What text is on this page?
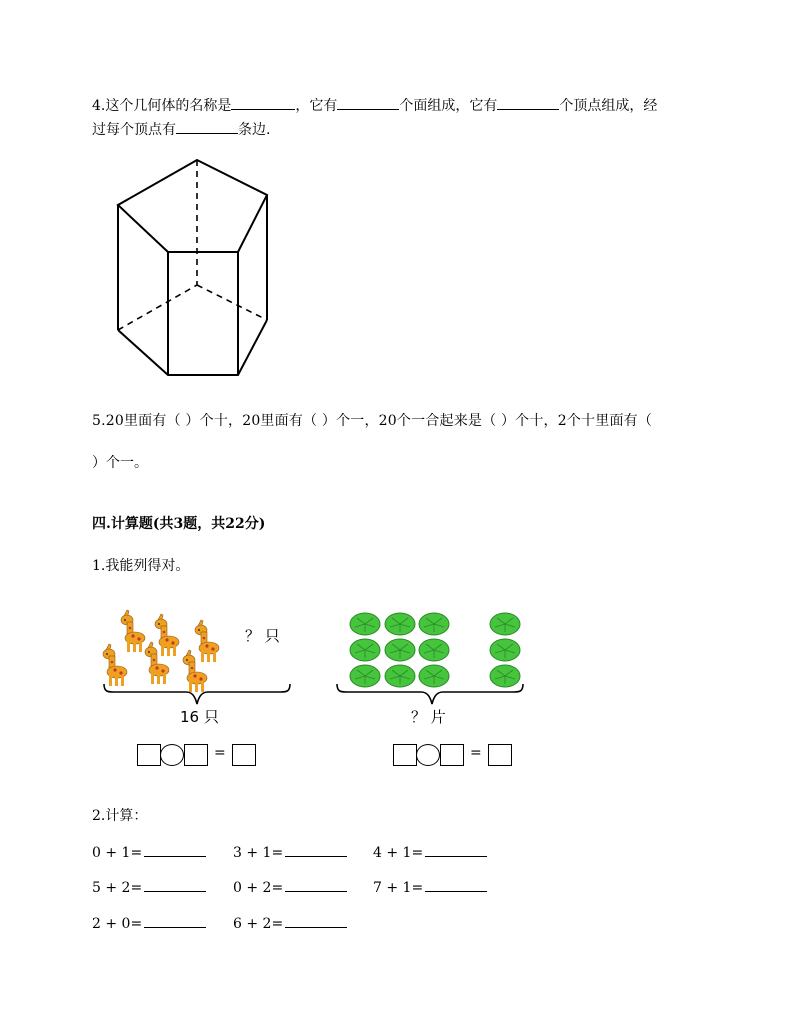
4.这个几何体的名称是	，它有	个面组成，它有	个顶点组成，经
过每个顶点有	条边.
5.20里面有（ ）个十，20里面有（ ）个一，20个一合起来是（ ）个十，2个十里面有（
）个一。
四.计算题(共3题，共22分)
1.我能列得对。
？ 只
16 只
=
？ 片
=
2.计算：
0 + 1=	3 + 1=	4 + 1=
5 + 2=	0 + 2=	7 + 1=
2 + 0=	6 + 2=
